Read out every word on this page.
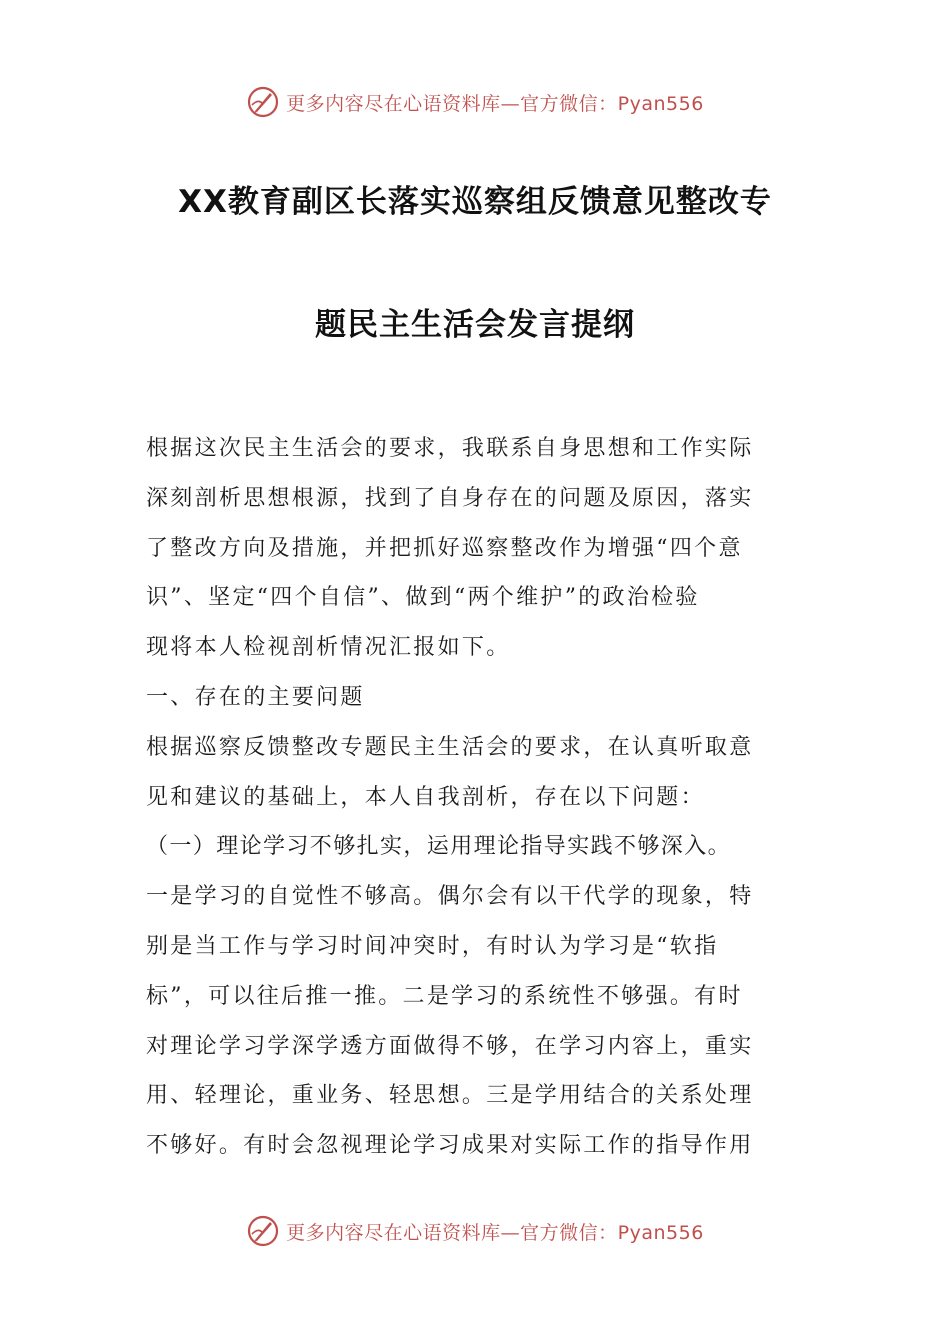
更多内容尽在心语资料库—官方微信：Pyan556
XX教育副区长落实巡察组反馈意见整改专
题民主生活会发言提纲
根据这次民主生活会的要求，我联系自身思想和工作实际
深刻剖析思想根源，找到了自身存在的问题及原因，落实
了整改方向及措施，并把抓好巡察整改作为增强“四个意
识”、坚定“四个自信”、做到“两个维护”的政治检验
现将本人检视剖析情况汇报如下。
一、存在的主要问题
根据巡察反馈整改专题民主生活会的要求，在认真听取意
见和建议的基础上，本人自我剖析，存在以下问题：
（一）理论学习不够扎实，运用理论指导实践不够深入。
一是学习的自觉性不够高。偶尔会有以干代学的现象，特
别是当工作与学习时间冲突时，有时认为学习是“软指
标”，可以往后推一推。二是学习的系统性不够强。有时
对理论学习学深学透方面做得不够，在学习内容上，重实
用、轻理论，重业务、轻思想。三是学用结合的关系处理
不够好。有时会忽视理论学习成果对实际工作的指导作用
更多内容尽在心语资料库—官方微信：Pyan556
